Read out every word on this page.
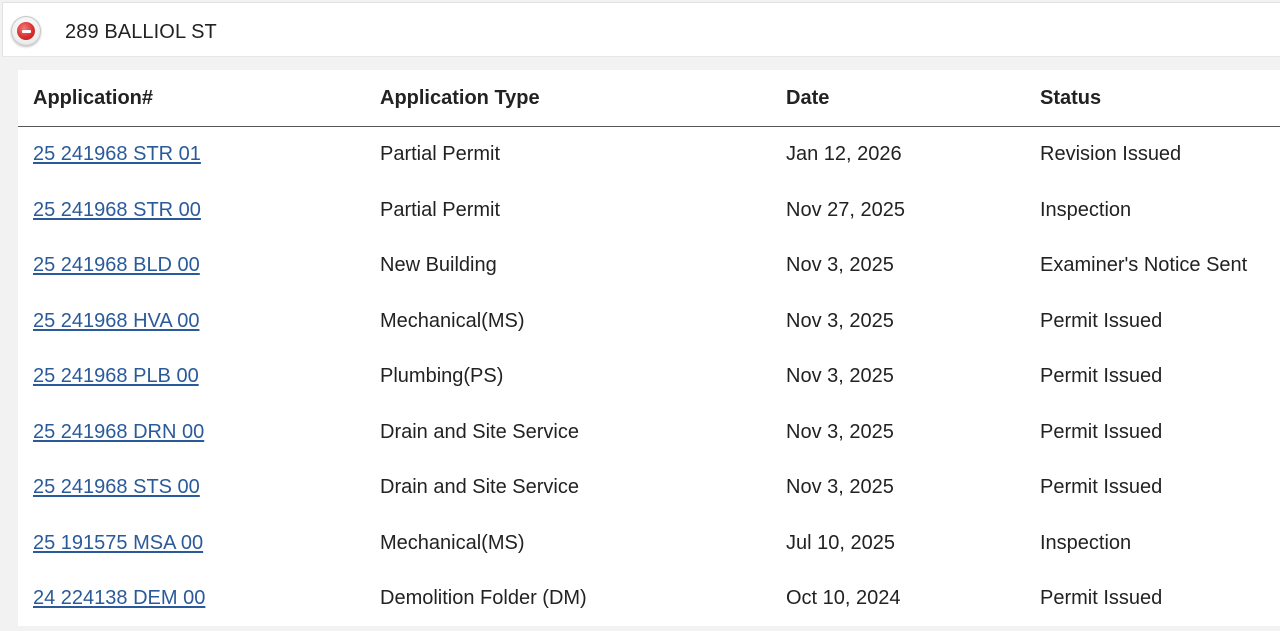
289 BALLIOL ST
Application#	Application Type	Date	Status
25 241968 STR 01	Partial Permit	Jan 12, 2026	Revision Issued
25 241968 STR 00	Partial Permit	Nov 27, 2025	Inspection
25 241968 BLD 00	New Building	Nov 3, 2025	Examiner's Notice Sent
25 241968 HVA 00	Mechanical(MS)	Nov 3, 2025	Permit Issued
25 241968 PLB 00	Plumbing(PS)	Nov 3, 2025	Permit Issued
25 241968 DRN 00	Drain and Site Service	Nov 3, 2025	Permit Issued
25 241968 STS 00	Drain and Site Service	Nov 3, 2025	Permit Issued
25 191575 MSA 00	Mechanical(MS)	Jul 10, 2025	Inspection
24 224138 DEM 00	Demolition Folder (DM)	Oct 10, 2024	Permit Issued
